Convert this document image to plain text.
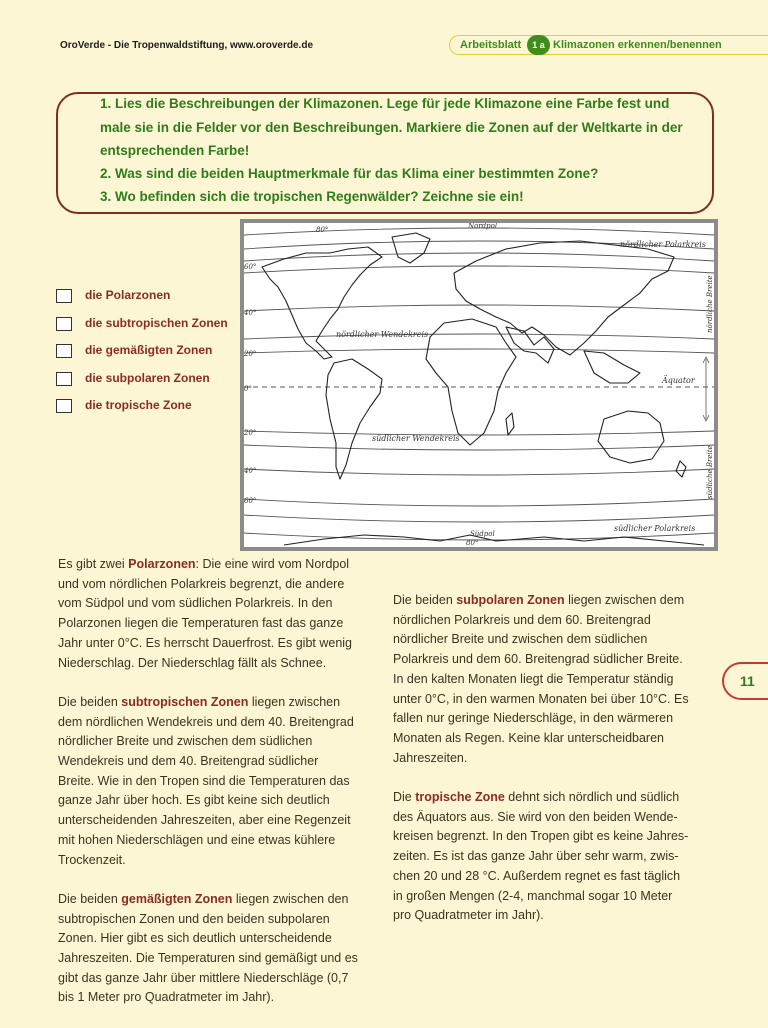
OroVerde - Die Tropenwaldstiftung, www.oroverde.de	Arbeitsblatt	1 a Klimazonen erkennen/benennen
1. Lies die Beschreibungen der Klimazonen. Lege für jede Klimazone eine Farbe fest und
male sie in die Felder vor den Beschreibungen. Markiere die Zonen auf der Weltkarte in der
entsprechenden Farbe!
2. Was sind die beiden Hauptmerkmale für das Klima einer bestimmten Zone?
3. Wo befinden sich die tropischen Regenwälder? Zeichne sie ein!
80°
60°
40°
20°
0°
20°
40°
60°
80°
Nordpol
Südpol
nördlicher Polarkreis
nördlicher Wendekreis
Äquator
südlicher Wendekreis
südlicher Polarkreis
nördliche Breite
südliche Breite
die Polarzonen
die subtropischen Zonen
die gemäßigten Zonen
die subpolaren Zonen
die tropische Zone

Es gibt zwei Polarzonen: Die eine wird vom Nordpol
und vom nördlichen Polarkreis begrenzt, die andere
vom Südpol und vom südlichen Polarkreis. In den
Polarzonen liegen die Temperaturen fast das ganze
Jahr unter 0°C. Es herrscht Dauerfrost. Es gibt wenig
Niederschlag. Der Niederschlag fällt als Schnee.

Die beiden subtropischen Zonen liegen zwischen
dem nördlichen Wendekreis und dem 40. Breitengrad
nördlicher Breite und zwischen dem südlichen
Wendekreis und dem 40. Breitengrad südlicher
Breite. Wie in den Tropen sind die Temperaturen das
ganze Jahr über hoch. Es gibt keine sich deutlich
unterscheidenden Jahreszeiten, aber eine Regenzeit
mit hohen Niederschlägen und eine etwas kühlere
Trockenzeit.

Die beiden gemäßigten Zonen liegen zwischen den
subtropischen Zonen und den beiden subpolaren
Zonen. Hier gibt es sich deutlich unterscheidende
Jahreszeiten. Die Temperaturen sind gemäßigt und es
gibt das ganze Jahr über mittlere Niederschläge (0,7
bis 1 Meter pro Quadratmeter im Jahr).

Die beiden subpolaren Zonen liegen zwischen dem
nördlichen Polarkreis und dem 60. Breitengrad
nördlicher Breite und zwischen dem südlichen
Polarkreis und dem 60. Breitengrad südlicher Breite.
In den kalten Monaten liegt die Temperatur ständig
unter 0°C, in den warmen Monaten bei über 10°C. Es
fallen nur geringe Niederschläge, in den wärmeren
Monaten als Regen. Keine klar unterscheidbaren
Jahreszeiten.

Die tropische Zone dehnt sich nördlich und südlich
des Äquators aus. Sie wird von den beiden Wende-
kreisen begrenzt. In den Tropen gibt es keine Jahres-
zeiten. Es ist das ganze Jahr über sehr warm, zwis-
chen 20 und 28 °C. Außerdem regnet es fast täglich
in großen Mengen (2-4, manchmal sogar 10 Meter
pro Quadratmeter im Jahr).

11
